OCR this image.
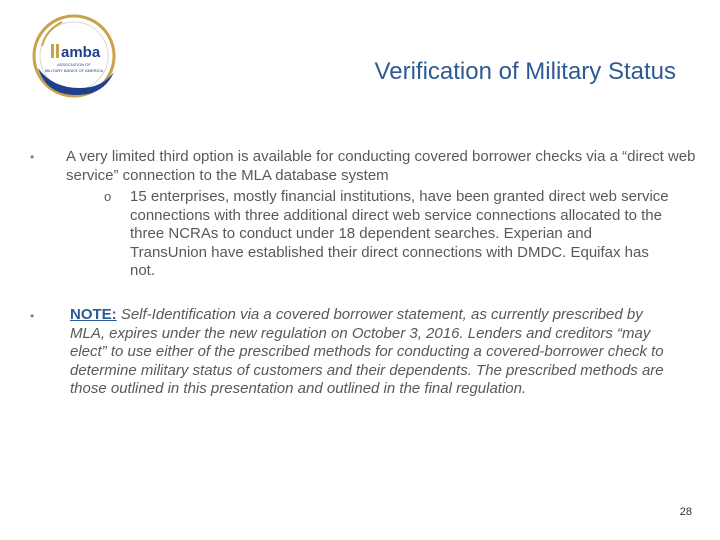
amba
ASSOCIATION OF
MILITARY BANKS OF AMERICA	Verification of Military Status
• A very limited third option is available for conducting covered borrower checks via a “direct web service” connection to the MLA database system
o 15 enterprises, mostly financial institutions, have been granted direct web service connections with three additional direct web service connections allocated to the three NCRAs to conduct under 18 dependent searches. Experian and TransUnion have established their direct connections with DMDC. Equifax has not.
• NOTE: Self-Identification via a covered borrower statement, as currently prescribed by MLA, expires under the new regulation on October 3, 2016. Lenders and creditors “may elect” to use either of the prescribed methods for conducting a covered-borrower check to determine military status of customers and their dependents. The prescribed methods are those outlined in this presentation and outlined in the final regulation.
28
